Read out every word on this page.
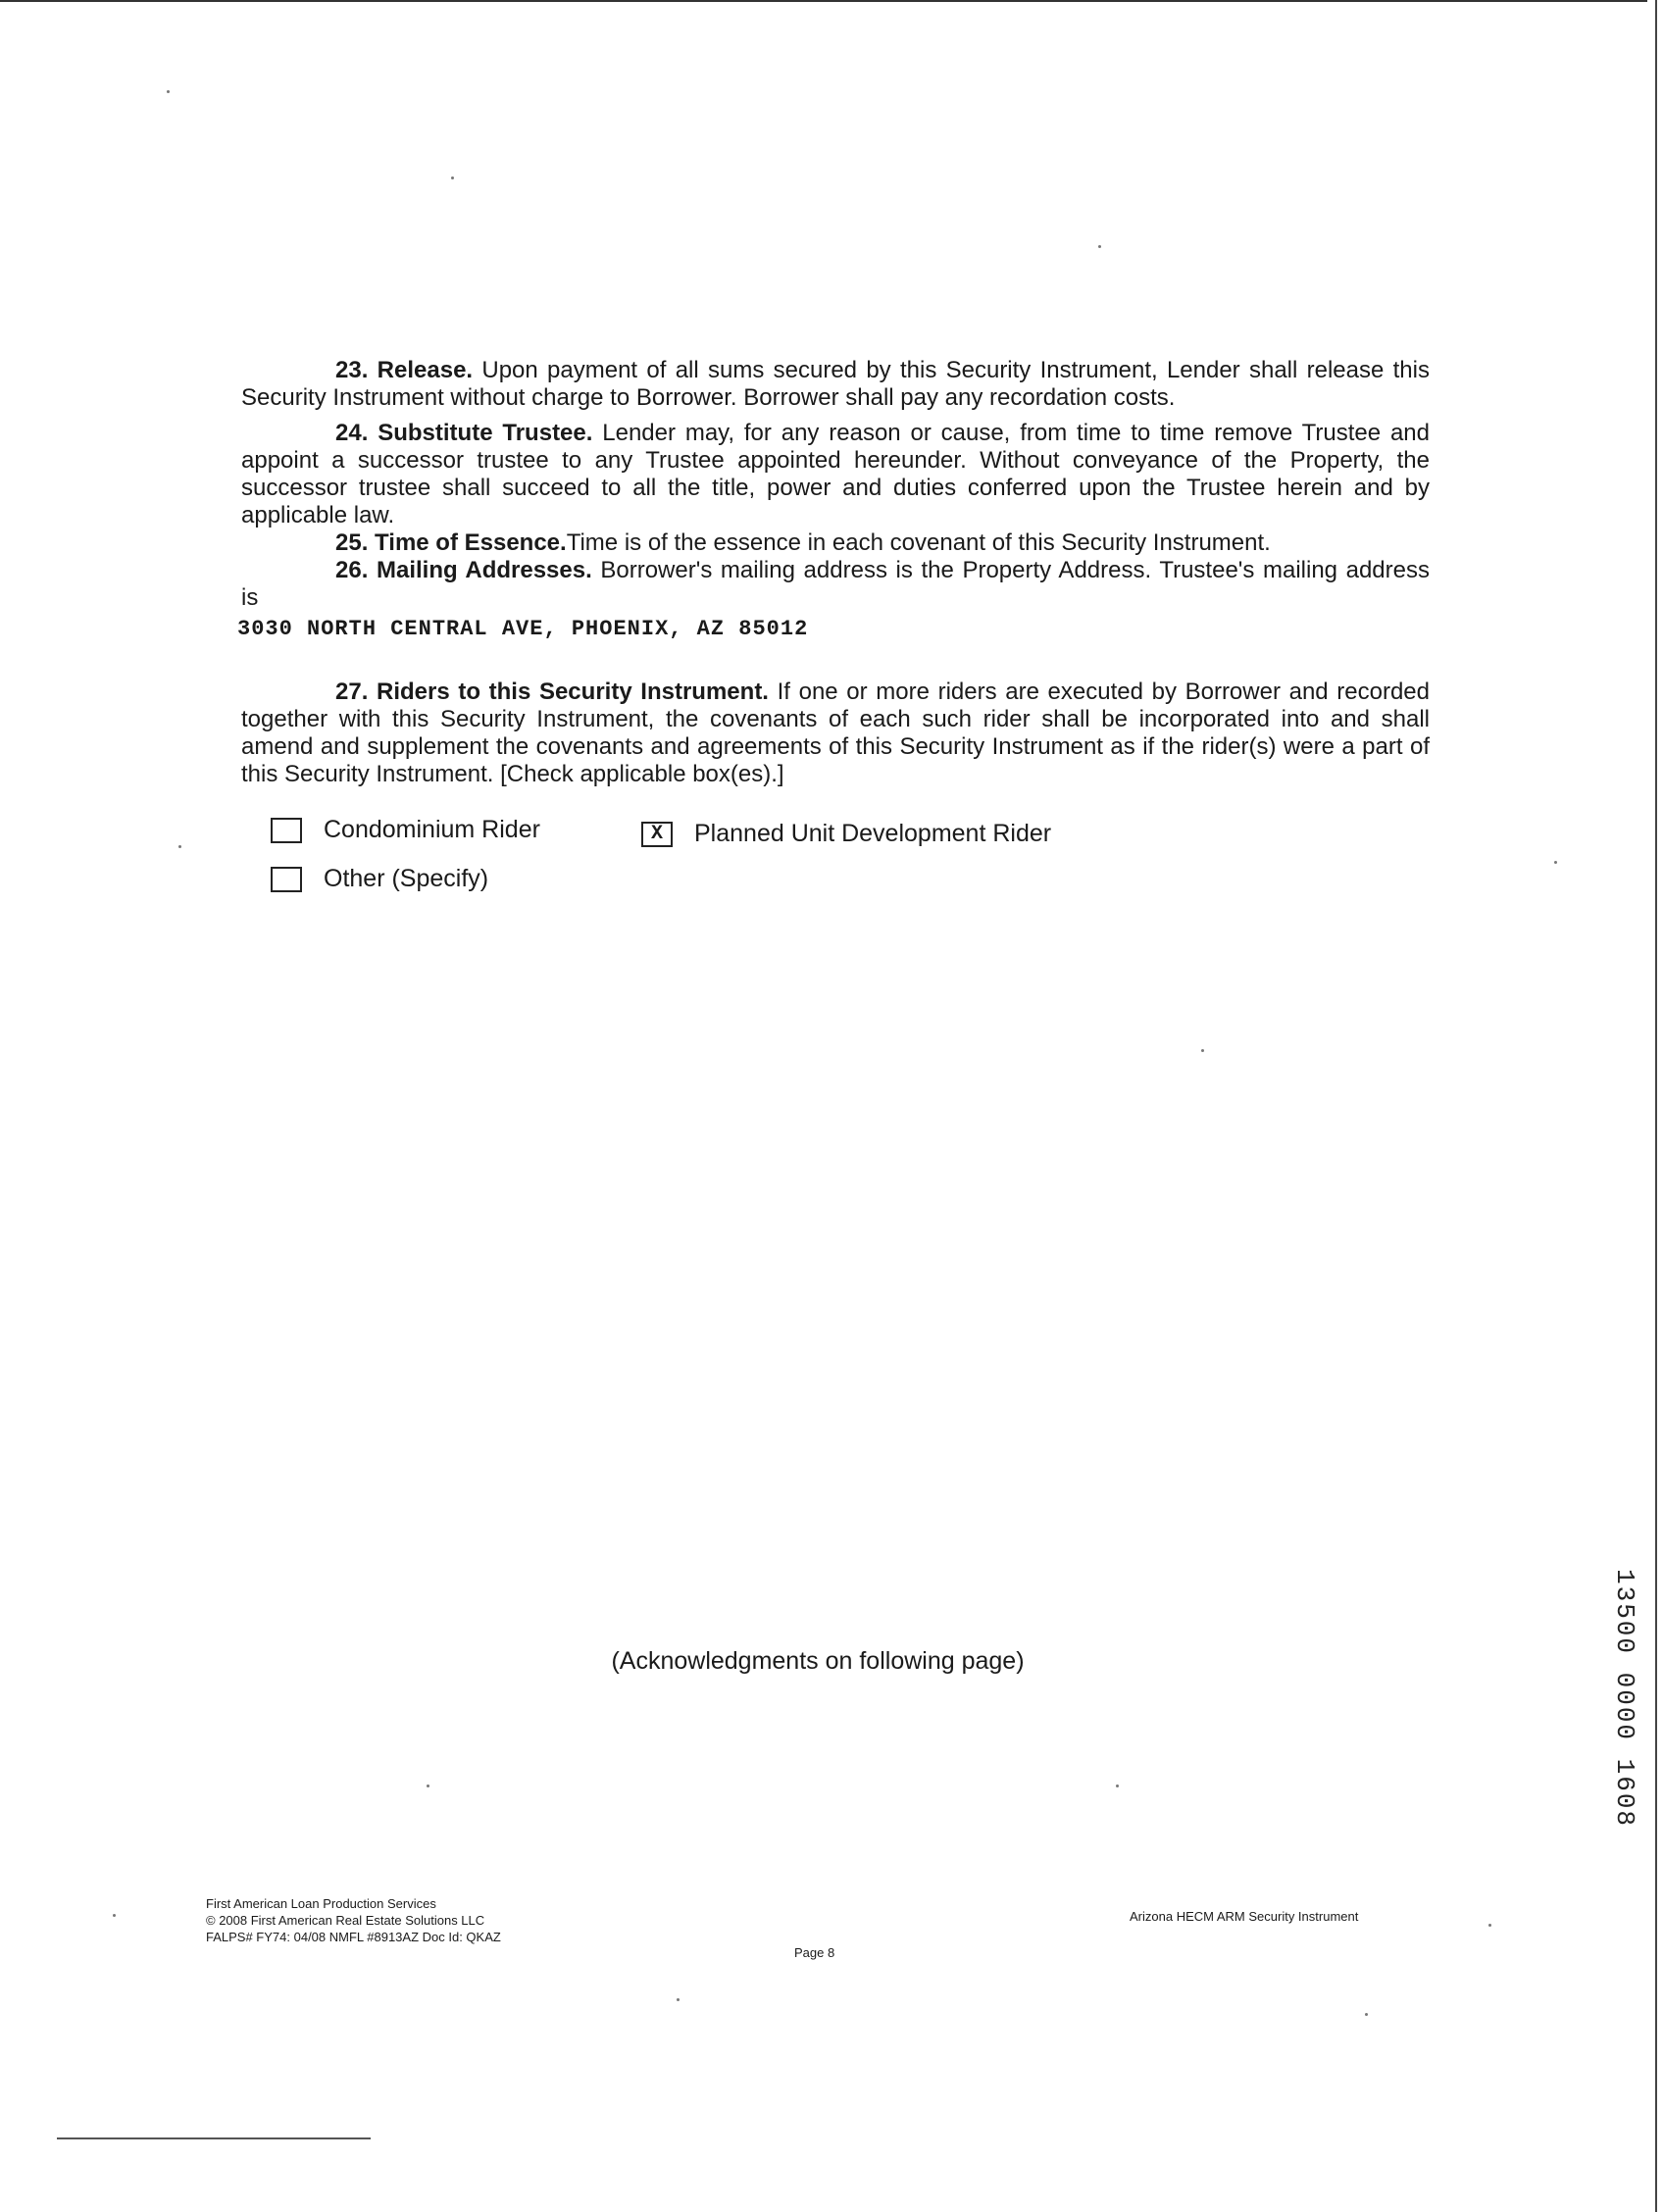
23. Release. Upon payment of all sums secured by this Security Instrument, Lender shall release this Security Instrument without charge to Borrower. Borrower shall pay any recordation costs.

24. Substitute Trustee. Lender may, for any reason or cause, from time to time remove Trustee and appoint a successor trustee to any Trustee appointed hereunder. Without conveyance of the Property, the successor trustee shall succeed to all the title, power and duties conferred upon the Trustee herein and by applicable law.

25. Time of Essence.Time is of the essence in each covenant of this Security Instrument.

26. Mailing Addresses. Borrower's mailing address is the Property Address. Trustee's mailing address is

3030 NORTH CENTRAL AVE, PHOENIX, AZ 85012

27. Riders to this Security Instrument. If one or more riders are executed by Borrower and recorded together with this Security Instrument, the covenants of each such rider shall be incorporated into and shall amend and supplement the covenants and agreements of this Security Instrument as if the rider(s) were a part of this Security Instrument. [Check applicable box(es).]

Condominium Rider	X	Planned Unit Development Rider
Other (Specify)
(Acknowledgments on following page)	13500 0000 1608
First American Loan Production Services
© 2008 First American Real Estate Solutions LLC
FALPS# FY74: 04/08 NMFL #8913AZ Doc Id: QKAZ
Page 8
Arizona HECM ARM Security Instrument
